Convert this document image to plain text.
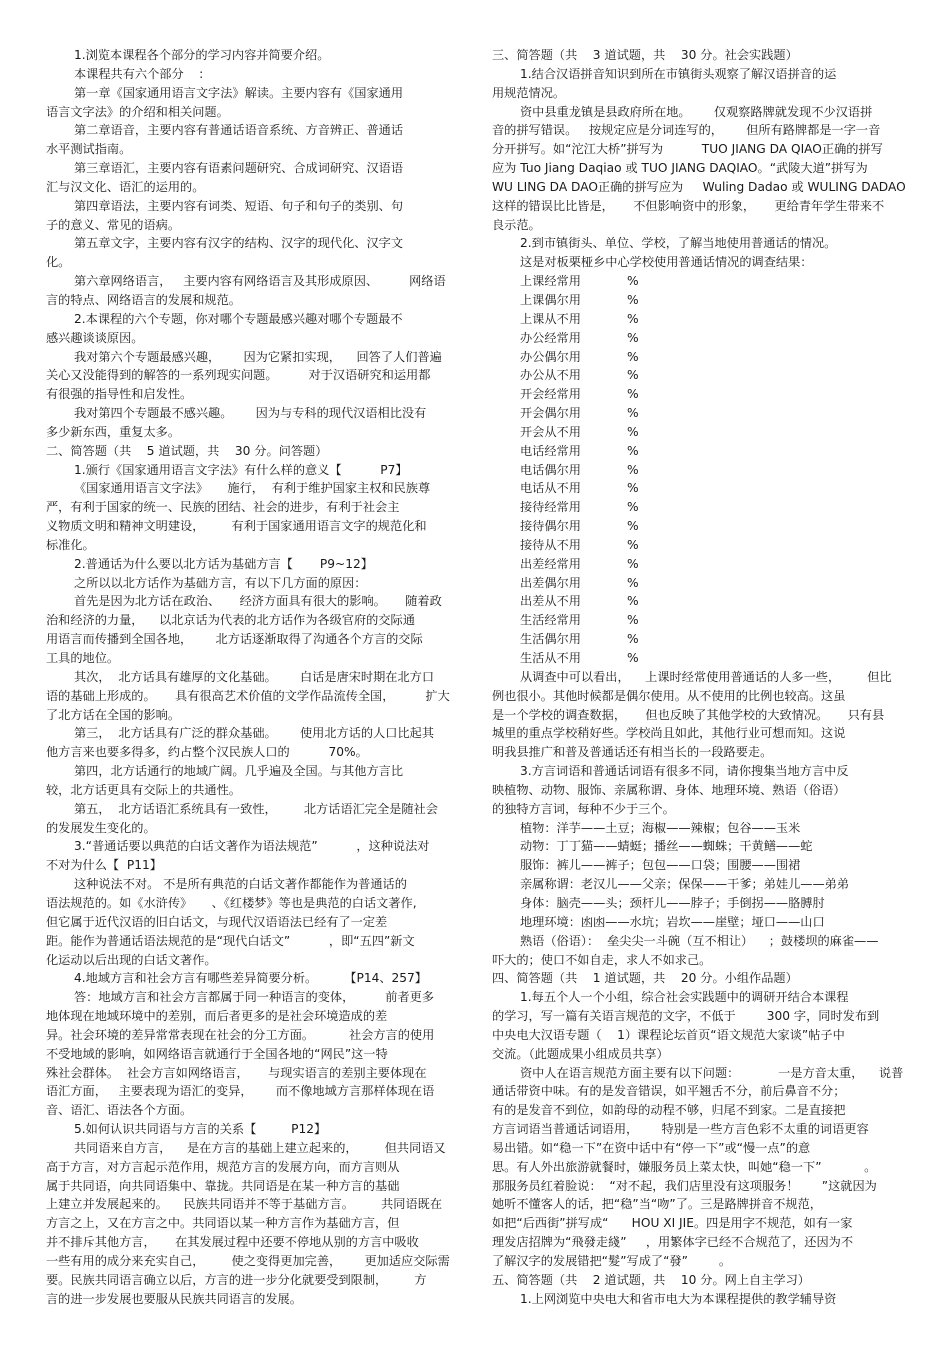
1.浏览本课程各个部分的学习内容并简要介绍。
本课程共有六个部分    :
第一章《国家通用语言文字法》解读。主要内容有《国家通用
语言文字法》的介绍和相关问题。
第二章语音，主要内容有普通话语音系统、方音辨正、普通话
水平测试指南。
第三章语汇，主要内容有语素问题研究、合成词研究、汉语语
汇与汉文化、语汇的运用的。
第四章语法，主要内容有词类、短语、句子和句子的类别、句
子的意义、常见的语病。
第五章文字，主要内容有汉字的结构、汉字的现代化、汉字文
化。
第六章网络语言，   主要内容有网络语言及其形成原因、        网络语
言的特点、网络语言的发展和规范。
2.本课程的六个专题，你对哪个专题最感兴趣对哪个专题最不
感兴趣谈谈原因。
我对第六个专题最感兴趣，      因为它紧扣实现，    回答了人们普遍
关心又没能得到的解答的一系列现实问题。        对于汉语研究和运用都
有很强的指导性和启发性。
我对第四个专题最不感兴趣。      因为与专科的现代汉语相比没有
多少新东西，重复太多。
二、简答题（共    5 道试题，共    30 分。问答题）
1.颁行《国家通用语言文字法》有什么样的意义【          P7】
《国家通用语言文字法》     施行，  有利于维护国家主权和民族尊
严，有利于国家的统一、民族的团结、社会的进步，有利于社会主
义物质文明和精神文明建设，       有利于国家通用语言文字的规范化和
标准化。
2.普通话为什么要以北方话为基础方言【       P9~12】
之所以以北方话作为基础方言，有以下几方面的原因：
首先是因为北方话在政治、     经济方面具有很大的影响。     随着政
治和经济的力量，    以北京话为代表的北方话作为各级官府的交际通
用语言而传播到全国各地，      北方话逐渐取得了沟通各个方言的交际
工具的地位。
其次，  北方话具有雄厚的文化基础。      白话是唐宋时期在北方口
语的基础上形成的。     具有很高艺术价值的文学作品流传全国，        扩大
了北方话在全国的影响。
第三，  北方话具有广泛的群众基础。      使用北方话的人口比起其
他方言来也要多得多，约占整个汉民族人口的          70%。
第四，北方话通行的地域广阔。几乎遍及全国。与其他方言比
较，北方话更具有交际上的共通性。
第五，  北方话语汇系统具有一致性，       北方话语汇完全是随社会
的发展发生变化的。
3.“普通话要以典范的白话文著作为语法规范”          ，这种说法对
不对为什么【  P11】
这种说法不对。 不是所有典范的白话文著作都能作为普通话的
语法规范的。如《水浒传》     、《红楼梦》等也是典范的白话文著作,
但它属于近代汉语的旧白话文，与现代汉语语法已经有了一定差
距。能作为普通话语法规范的是“现代白话文”          ，即“五四”新文
化运动以后出现的白话文著作。
4.地域方言和社会方言有哪些差异简要分析。       【P14、257】
答：地域方言和社会方言都属于同一种语言的变体，        前者更多
地体现在地域环境中的差别，而后者更多的是社会环境造成的差
异。社会环境的差异常常表现在社会的分工方面。         社会方言的使用
不受地域的影响，如网络语言就通行于全国各地的“网民”这一特
殊社会群体。  社会方言如网络语言，     与现实语言的差别主要体现在
语汇方面，   主要表现为语汇的变异，      而不像地域方言那样体现在语
音、语汇、语法各个方面。
5.如何认识共同语与方言的关系【         P12】
共同语来自方言，    是在方言的基础上建立起来的，       但共同语又
高于方言，对方言起示范作用，规范方言的发展方向，而方言则从
属于共同语，向共同语集中、靠拢。共同语是在某一种方言的基础
上建立并发展起来的。    民族共同语并不等于基础方言。       共同语既在
方言之上，又在方言之中。共同语以某一种方言作为基础方言，但
并不排斥其他方言，     在其发展过程中还要不停地从别的方言中吸收
一些有用的成分来充实自己，       使之变得更加完善，      更加适应交际需
要。民族共同语言确立以后，方言的进一步分化就要受到限制，       方
言的进一步发展也要服从民族共同语言的发展。
三、简答题（共    3 道试题，共    30 分。社会实践题）
1.结合汉语拼音知识到所在市镇街头观察了解汉语拼音的运
用规范情况。
资中县重龙镇是县政府所在地。      仅观察路牌就发现不少汉语拼
音的拼写错误。   按规定应是分词连写的，      但所有路牌都是一字一音
分开拼写。如“沱江大桥”拼写为          TUO JIANG DA QIAO正确的拼写
应为 Tuo Jiang Daqiao 或 TUO JIANG DAQIAO。“武陵大道”拼写为
WU LING DA DAO正确的拼写应为     Wuling Dadao 或 WULING DADAO
这样的错误比比皆是，     不但影响资中的形象，     更给青年学生带来不
良示范。
2.到市镇街头、单位、学校，了解当地使用普通话的情况。
这是对板栗桠乡中心学校使用普通话情况的调查结果：
上课经常用	%
上课偶尔用	%
上课从不用	%
办公经常用	%
办公偶尔用	%
办公从不用	%
开会经常用	%
开会偶尔用	%
开会从不用	%
电话经常用	%
电话偶尔用	%
电话从不用	%
接待经常用	%
接待偶尔用	%
接待从不用	%
出差经常用	%
出差偶尔用	%
出差从不用	%
生活经常用	%
生活偶尔用	%
生活从不用	%
从调查中可以看出，    上课时经常使用普通话的人多一些，       但比
例也很小。其他时候都是偶尔使用。从不使用的比例也较高。这虽
是一个学校的调查数据，     但也反映了其他学校的大致情况。     只有县
城里的重点学校稍好些。学校尚且如此，其他行业可想而知。这说
明我县推广和普及普通话还有相当长的一段路要走。
3.方言词语和普通话词语有很多不同，请你搜集当地方言中反
映植物、动物、服饰、亲属称谓、身体、地理环境、熟语（俗语）
的独特方言词，每种不少于三个。
植物：洋芋——土豆；海椒——辣椒；包谷——玉米
动物：丁丁猫——蜻蜓；播丝——蜘蛛；干黄鳝——蛇
服饰：裤儿——裤子；包包——口袋；围腰——围裙
亲属称谓：老汉儿——父亲；保保——干爹；弟娃儿——弟弟
身体：脑壳——头；颈杆儿——脖子；手倒拐——胳膊肘
地理环境：凼凼——水坑；岩坎——崖壁；垭口——山口
熟语（俗语）：  垒尖尖一斗碗（互不相让）    ；鼓楼坝的麻雀——
吓大的；使口不如自走，求人不如求己。
四、简答题（共    1 道试题，共    20 分。小组作品题）
1.每五个人一个小组，综合社会实践题中的调研开结合本课程
的学习，写一篇有关语言规范的文字，不低于        300 字，同时发布到
中央电大汉语专题（    1）课程论坛首页“语文规范大家谈”帖子中
交流。（此题成果小组成员共享）
资中人在语言规范方面主要有以下问题：          一是方音太重，    说普
通话带资中味。有的是发音错误，如平翘舌不分，前后鼻音不分；
有的是发音不到位，如韵母的动程不够，归尾不到家。二是直接把
方言词语当普通话词语用，      特别是一些方言色彩不太重的词语更容
易出错。如“稳一下”在资中话中有“停一下”或“慢一点”的意
思。有人外出旅游就餐时，嫌服务员上菜太快，叫她“稳一下”           。
那服务员红着脸说：  “对不起，我们店里没有这项服务！      ”这就因为
她听不懂客人的话，把“稳”当“吻”了。三是路牌拼音不规范，
如把“后西街”拼写成“      HOU XI JIE。四是用字不规范，如有一家
理发店招牌为“飛發走綫”     ，用繁体字已经不合规范了，还因为不
了解汉字的发展错把“髮”写成了“發”        。
五、简答题（共    2 道试题，共    10 分。网上自主学习）
1.上网浏览中央电大和省市电大为本课程提供的教学辅导资
